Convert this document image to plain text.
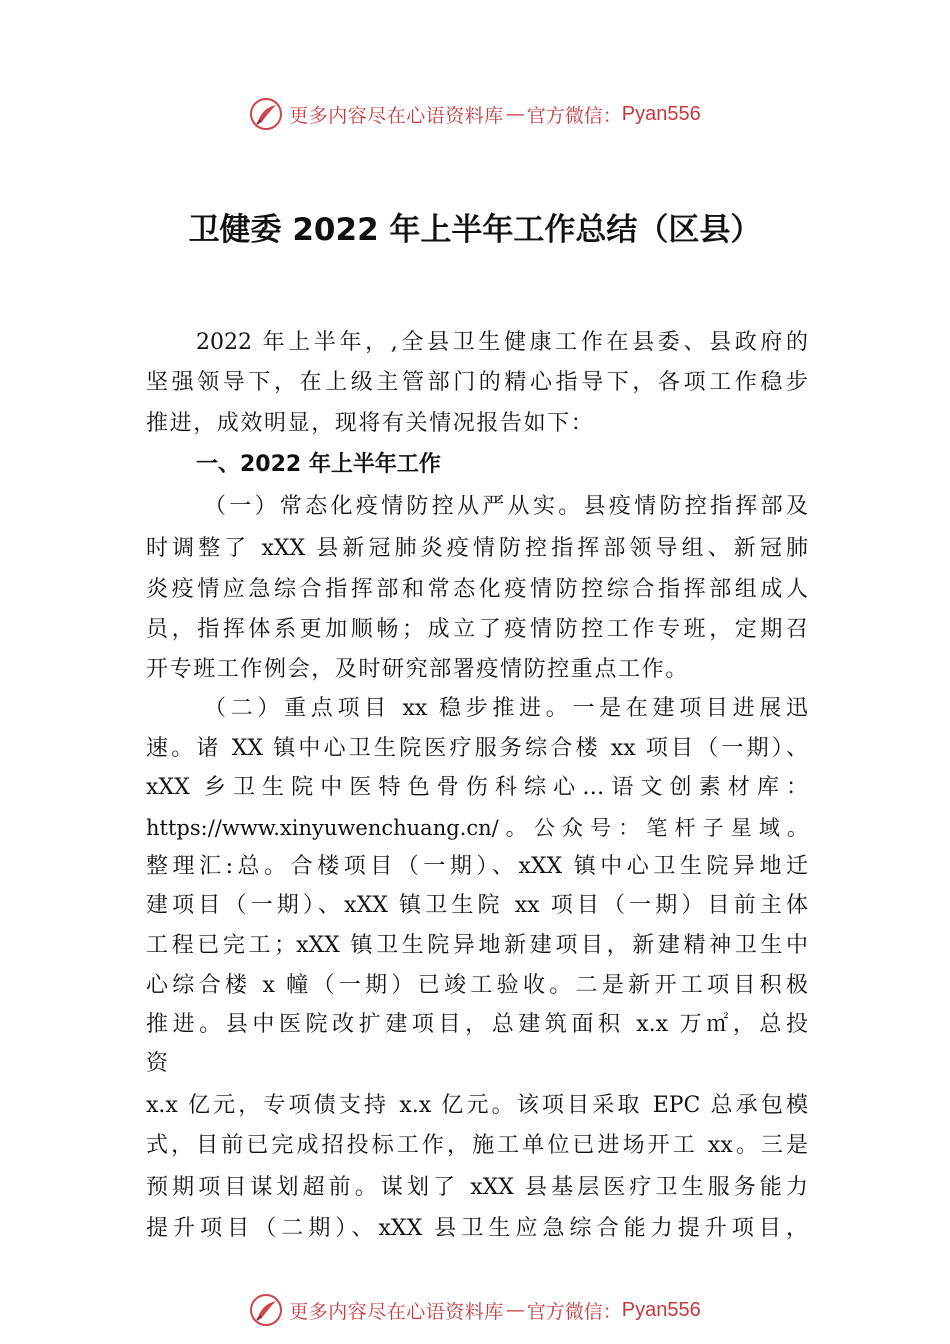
更多内容尽在心语资料库 — 官方微信： Pyan556
卫健委 2022 年上半年工作总结（区县）
2022 年上半年，,全县卫生健康工作在县委、县政府的
坚强领导下，在上级主管部门的精心指导下，各项工作稳步
推进，成效明显，现将有关情况报告如下：
一、2022 年上半年工作
（一）常态化疫情防控从严从实。县疫情防控指挥部及
时调整了 xXX 县新冠肺炎疫情防控指挥部领导组、新冠肺
炎疫情应急综合指挥部和常态化疫情防控综合指挥部组成人
员，指挥体系更加顺畅；成立了疫情防控工作专班，定期召
开专班工作例会，及时研究部署疫情防控重点工作。
（二）重点项目 xx 稳步推进。一是在建项目进展迅
速。诸 XX 镇中心卫生院医疗服务综合楼 xx 项目（一期）、
xXX 乡卫生院中医特色骨伤科综心…语文创素材库：
https://www.xinyuwenchuang.cn/。公众号：笔杆子星域。
整理汇:总。合楼项目（一期）、xXX 镇中心卫生院异地迁
建项目（一期）、xXX 镇卫生院 xx 项目（一期）目前主体
工程已完工；xXX 镇卫生院异地新建项目，新建精神卫生中
心综合楼 x 幢（一期）已竣工验收。二是新开工项目积极
推进。县中医院改扩建项目，总建筑面积 x.x 万㎡，总投
资
x.x 亿元，专项债支持 x.x 亿元。该项目采取 EPC 总承包模
式，目前已完成招投标工作，施工单位已进场开工 xx。三是
预期项目谋划超前。谋划了 xXX 县基层医疗卫生服务能力
提升项目（二期）、xXX 县卫生应急综合能力提升项目，
更多内容尽在心语资料库 — 官方微信： Pyan556
